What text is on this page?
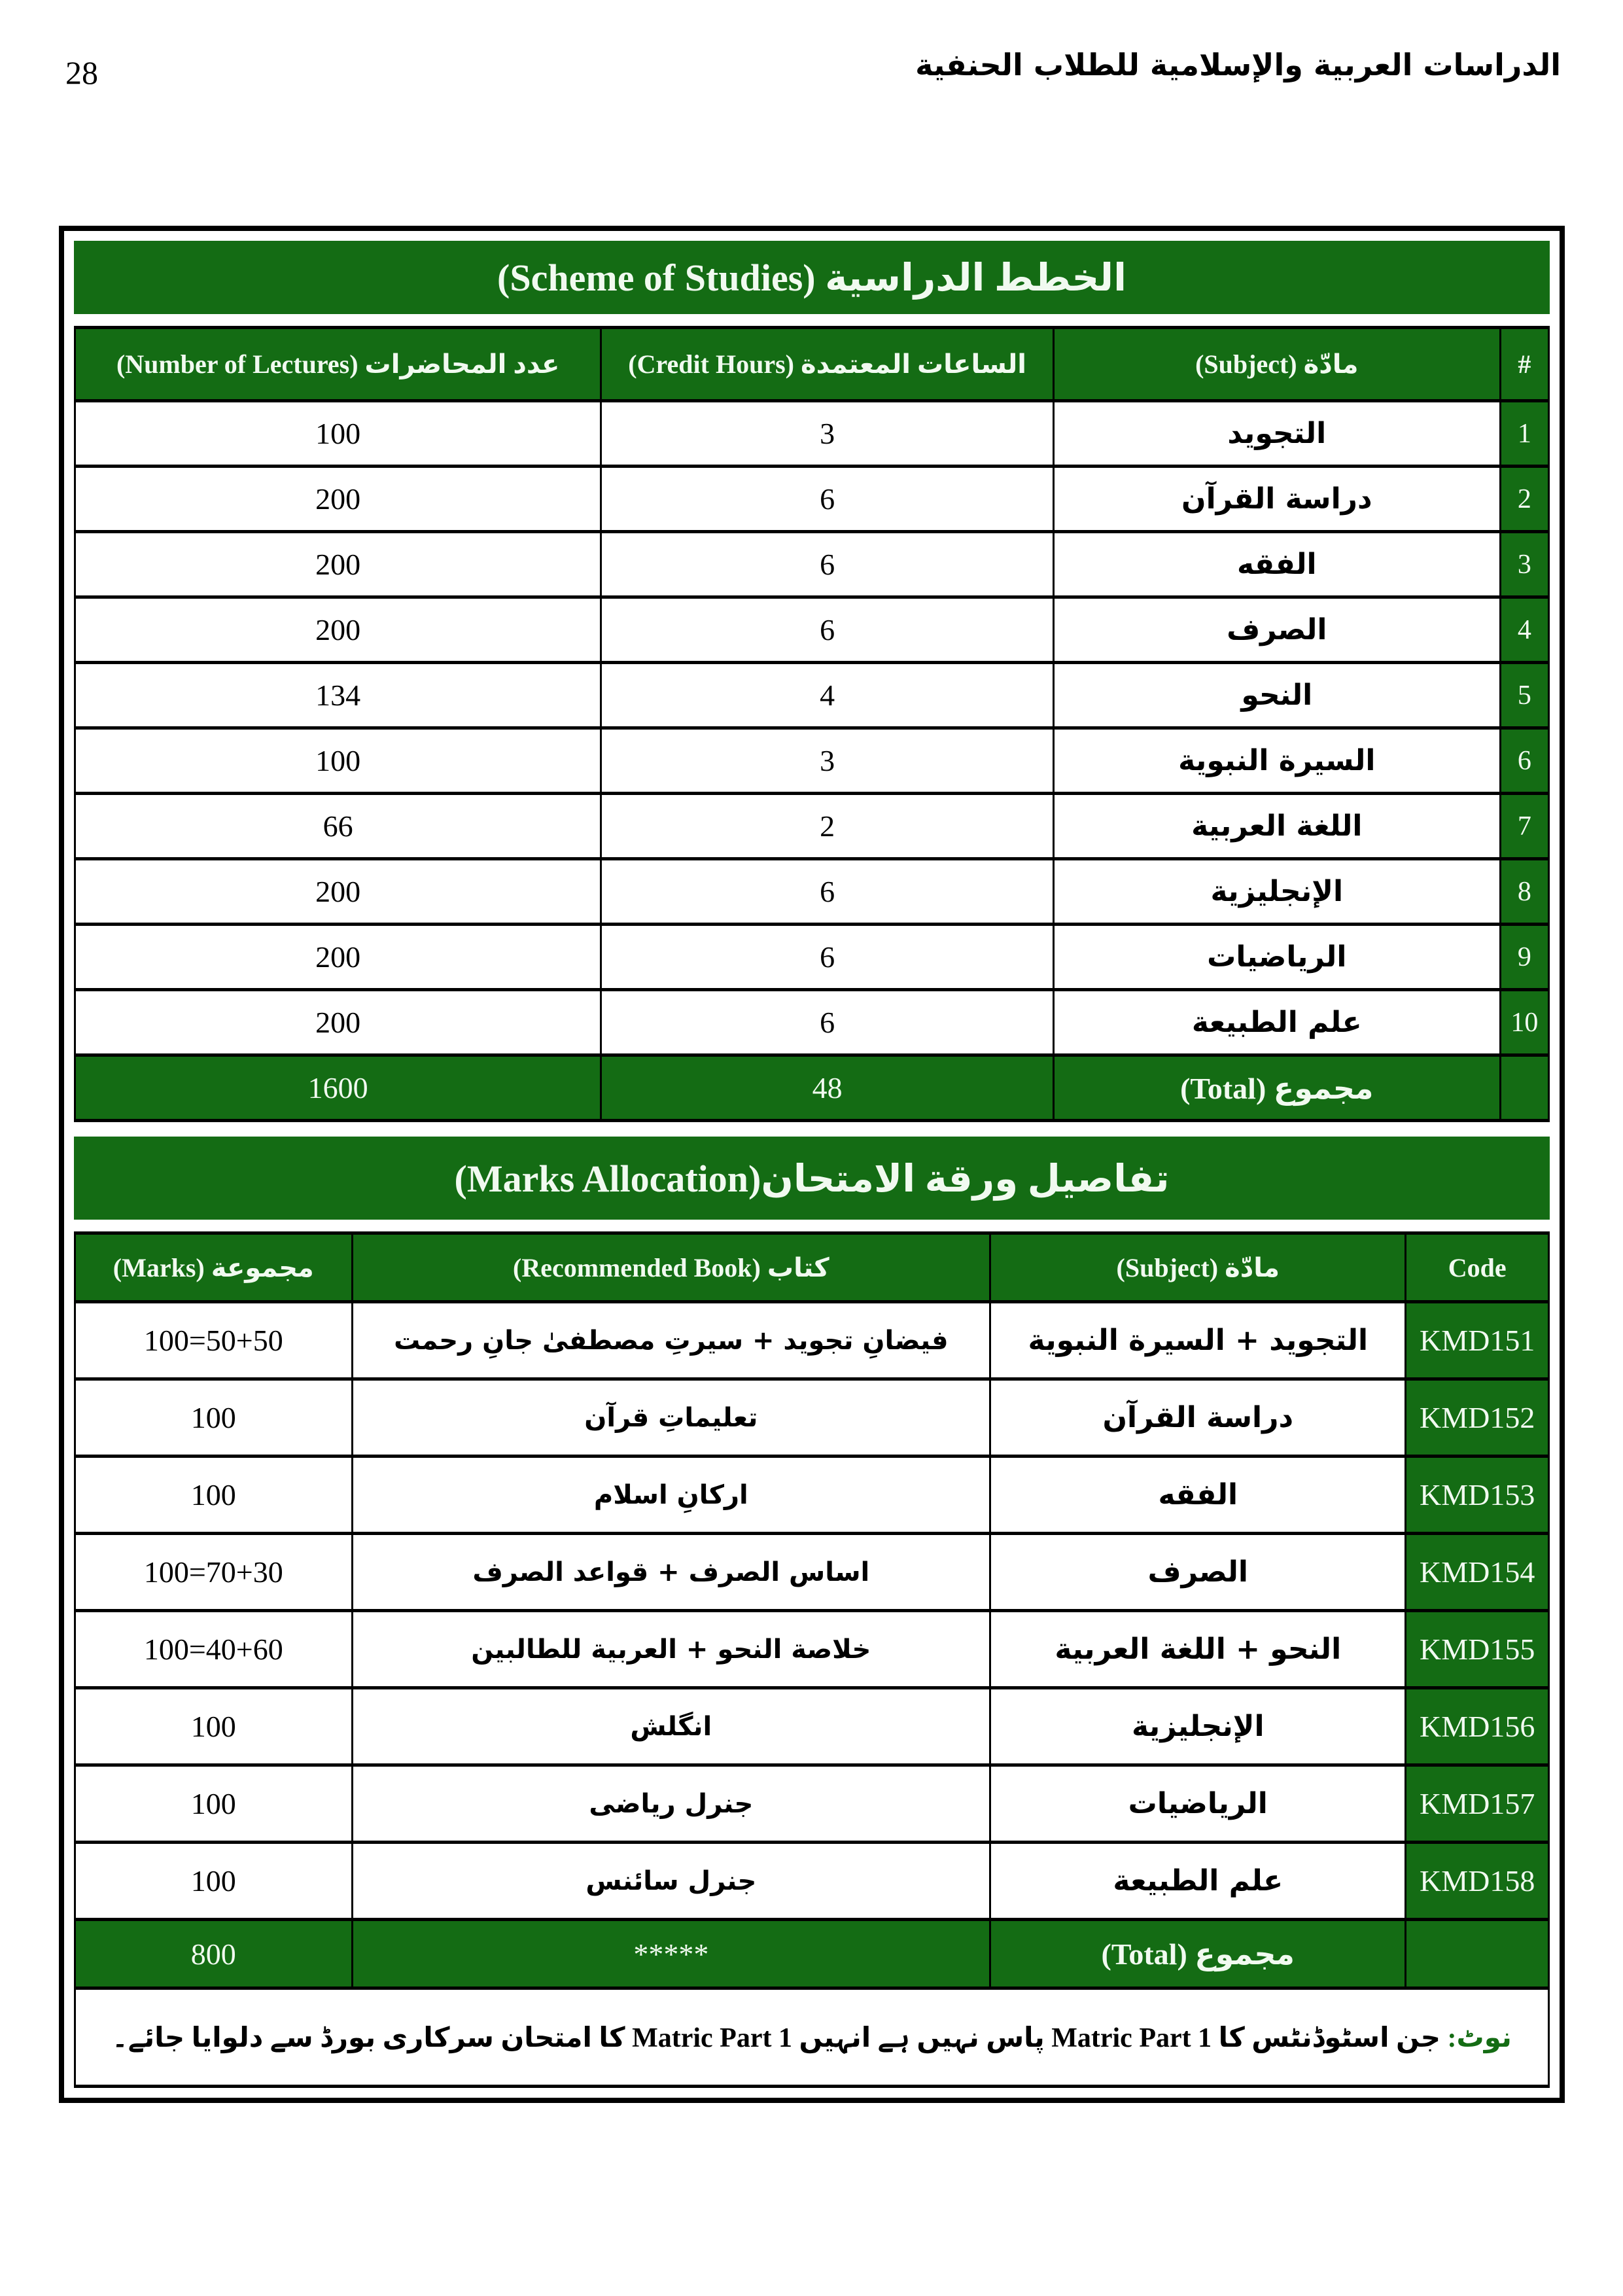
الدراسات العربية والإسلامية للطلاب الحنفية
28
الخطط الدراسية (Scheme of Studies)
عدد المحاضرات (Number of Lectures)	الساعات المعتمدة (Credit Hours)	مادّة (Subject)	#
100	3	التجويد	1
200	6	دراسة القرآن	2
200	6	الفقه	3
200	6	الصرف	4
134	4	النحو	5
100	3	السيرة النبوية	6
66	2	اللغة العربية	7
200	6	الإنجليزية	8
200	6	الرياضيات	9
200	6	علم الطبيعة	10
1600	48	مجموع (Total)	
تفاصيل ورقة الامتحان(Marks Allocation)
مجموعة (Marks)	كتاب (Recommended Book)	مادّة (Subject)	Code
100=50+50	فیضانِ تجوید + سیرتِ مصطفیٰ جانِ رحمت	التجويد + السيرة النبوية	KMD151
100	تعلیماتِ قرآن	دراسة القرآن	KMD152
100	ارکانِ اسلام	الفقه	KMD153
100=70+30	اساس الصرف + قواعد الصرف	الصرف	KMD154
100=40+60	خلاصة النحو + العربية للطالبين	النحو + اللغة العربية	KMD155
100	انگلش	الإنجليزية	KMD156
100	جنرل ریاضی	الرياضيات	KMD157
100	جنرل سائنس	علم الطبيعة	KMD158
800	*****	مجموع (Total)	

نوٹ: جن اسٹوڈنٹس کا Matric Part 1 پاس نہیں ہے انہیں Matric Part 1 کا امتحان سرکاری بورڈ سے دلوایا جائے۔			
